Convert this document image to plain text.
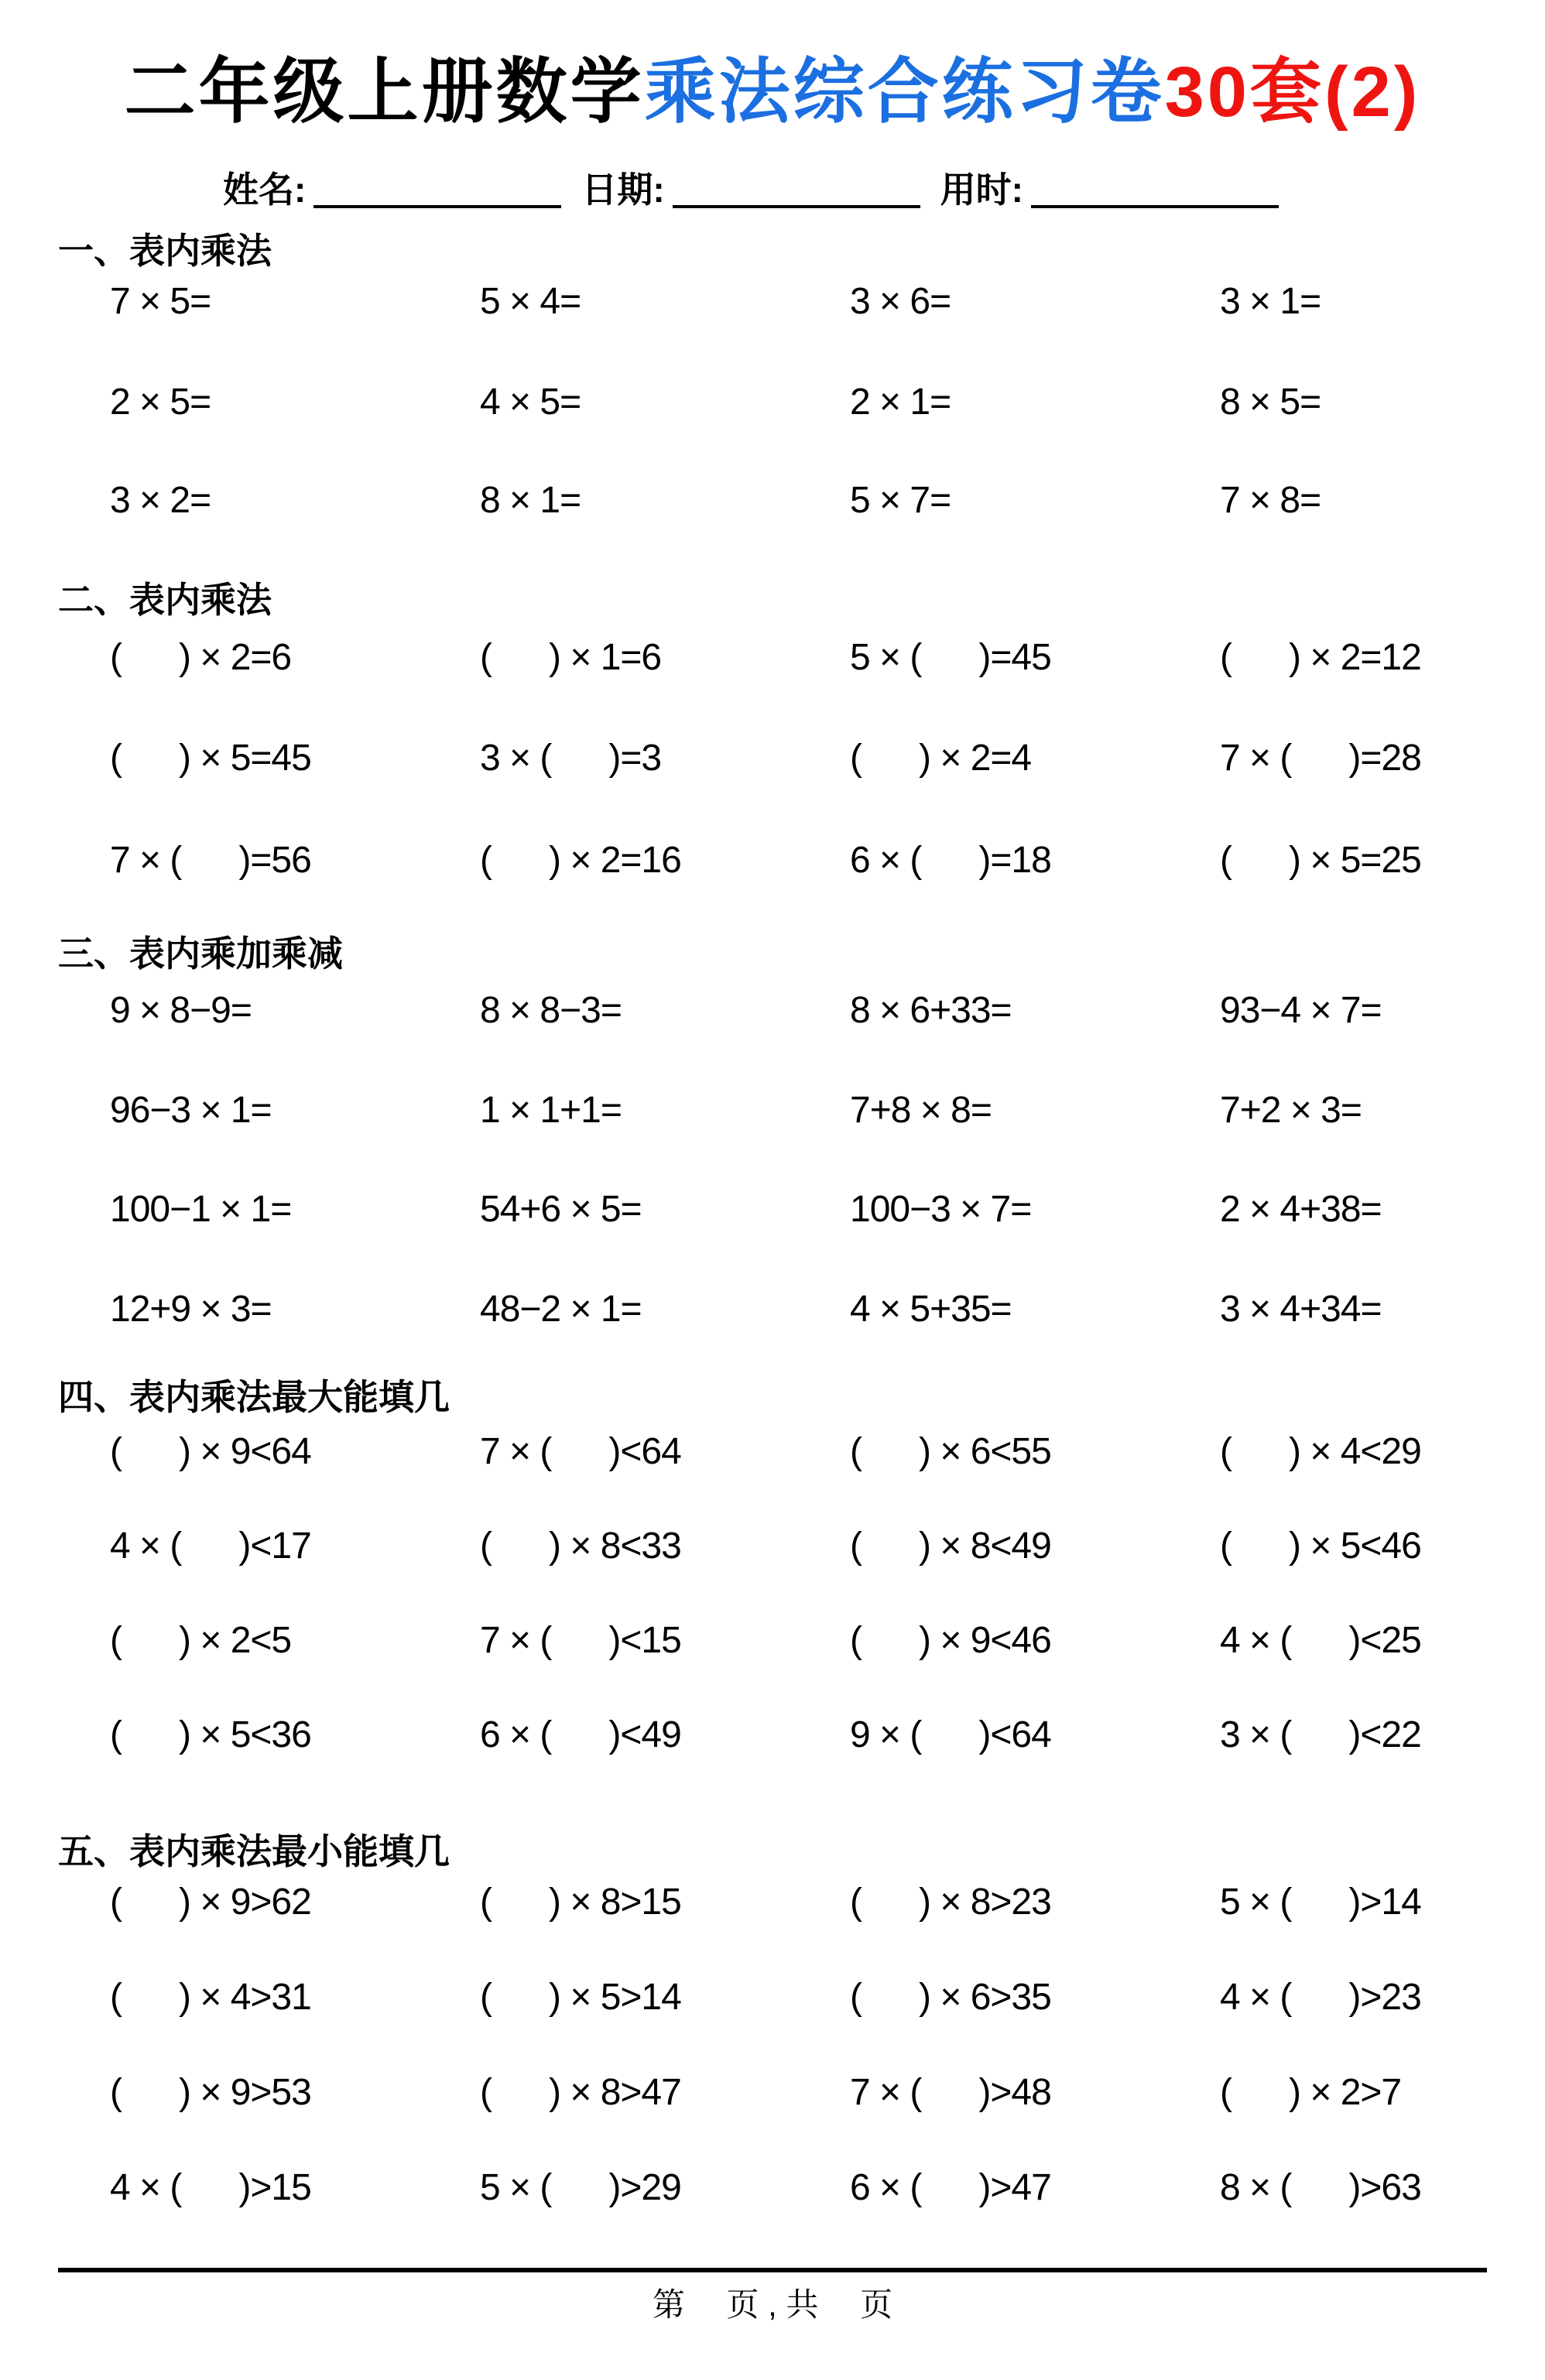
二年级上册数学乘法综合练习卷30套(2)
姓名:	日期:	用时:
一、表内乘法
7 × 5=	5 × 4=	3 × 6=	3 × 1=
2 × 5=	4 × 5=	2 × 1=	8 × 5=
3 × 2=	8 × 1=	5 × 7=	7 × 8=
二、表内乘法
(      ) × 2=6	(      ) × 1=6	5 × (      )=45	(      ) × 2=12
(      ) × 5=45	3 × (      )=3	(      ) × 2=4	7 × (      )=28
7 × (      )=56	(      ) × 2=16	6 × (      )=18	(      ) × 5=25
三、表内乘加乘减
9 × 8−9=	8 × 8−3=	8 × 6+33=	93−4 × 7=
96−3 × 1=	1 × 1+1=	7+8 × 8=	7+2 × 3=
100−1 × 1=	54+6 × 5=	100−3 × 7=	2 × 4+38=
12+9 × 3=	48−2 × 1=	4 × 5+35=	3 × 4+34=
四、表内乘法最大能填几
(      ) × 9<64	7 × (      )<64	(      ) × 6<55	(      ) × 4<29
4 × (      )<17	(      ) × 8<33	(      ) × 8<49	(      ) × 5<46
(      ) × 2<5	7 × (      )<15	(      ) × 9<46	4 × (      )<25
(      ) × 5<36	6 × (      )<49	9 × (      )<64	3 × (      )<22
五、表内乘法最小能填几
(      ) × 9>62	(      ) × 8>15	(      ) × 8>23	5 × (      )>14
(      ) × 4>31	(      ) × 5>14	(      ) × 6>35	4 × (      )>23
(      ) × 9>53	(      ) × 8>47	7 × (      )>48	(      ) × 2>7
4 × (      )>15	5 × (      )>29	6 × (      )>47	8 × (      )>63
第　 页 , 共　 页
